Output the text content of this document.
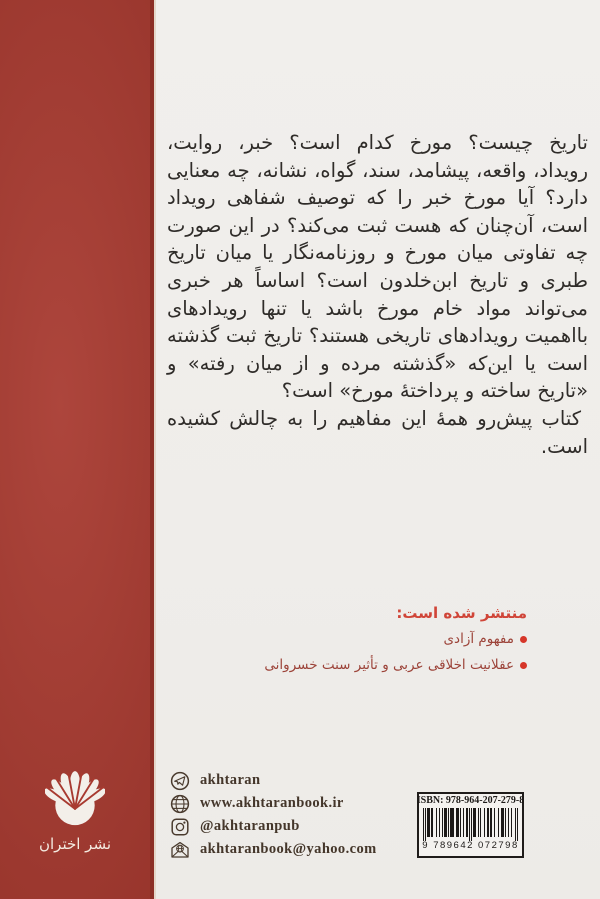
تاریخ چیست؟ مورخ کدام است؟ خبر، روایت، رویداد، واقعه، پیشامد، سند، گواه، نشانه، چه معنایی دارد؟ آیا مورخ خبر را که توصیف شفاهی رویداد است، آن‌چنان که هست ثبت می‌کند؟ در این صورت چه تفاوتی میان مورخ و روزنامه‌نگار یا میان تاریخ طبری و تاریخ ابن‌خلدون است؟ اساساً هر خبری می‌تواند مواد خام مورخ باشد یا تنها رویدادهای بااهمیت رویدادهای تاریخی هستند؟ تاریخ ثبت گذشته است یا این‌که «گذشته مرده و از میان رفته» و «تاریخ ساخته و پرداختهٔ مورخ» است؟

کتاب پیش‌رو همهٔ این مفاهیم را به چالش کشیده است.

منتشر شده است:
مفهوم آزادی
عقلانیت اخلاقی عربی و تأثیر سنت خسروانی
نشر اختران
akhtaran
www.akhtaranbook.ir
@akhtaranpub
akhtaranbook@yahoo.com
ISBN: 978-964-207-279-8
9 789642 072798
